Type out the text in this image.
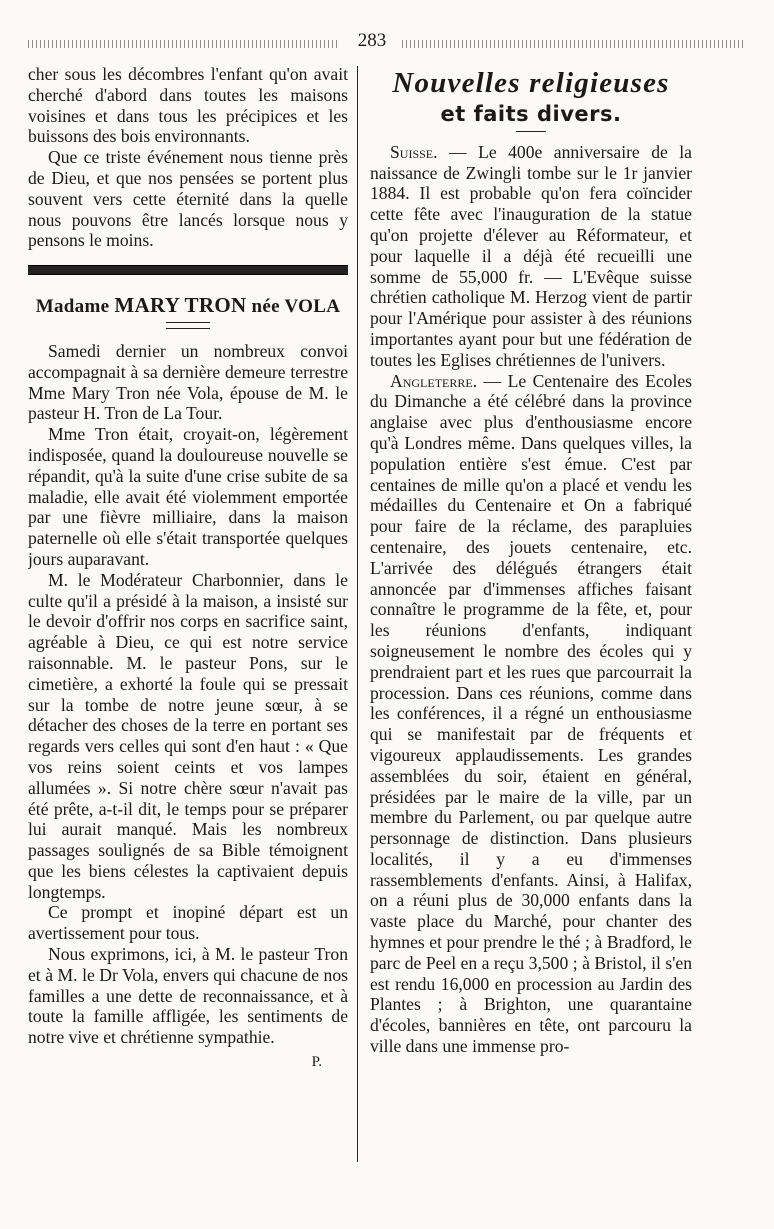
283

cher sous les décombres l'enfant qu'on avait cherché d'abord dans toutes les maisons voisines et dans tous les précipices et les buissons des bois environnants.

Que ce triste événement nous tienne près de Dieu, et que nos pensées se portent plus souvent vers cette éternité dans la quelle nous pouvons être lancés lorsque nous y pensons le moins.

Madame MARY TRON née VOLA

Samedi dernier un nombreux convoi accompagnait à sa dernière demeure terrestre Mme Mary Tron née Vola, épouse de M. le pasteur H. Tron de La Tour.

Mme Tron était, croyait-on, légèrement indisposée, quand la douloureuse nouvelle se répandit, qu'à la suite d'une crise subite de sa maladie, elle avait été violemment emportée par une fièvre milliaire, dans la maison paternelle où elle s'était transportée quelques jours auparavant.

M. le Modérateur Charbonnier, dans le culte qu'il a présidé à la maison, a insisté sur le devoir d'offrir nos corps en sacrifice saint, agréable à Dieu, ce qui est notre service raisonnable. M. le pasteur Pons, sur le cimetière, a exhorté la foule qui se pressait sur la tombe de notre jeune sœur, à se détacher des choses de la terre en portant ses regards vers celles qui sont d'en haut : « Que vos reins soient ceints et vos lampes allumées ». Si notre chère sœur n'avait pas été prête, a-t-il dit, le temps pour se préparer lui aurait manqué. Mais les nombreux passages soulignés de sa Bible témoignent que les biens célestes la captivaient depuis longtemps.

Ce prompt et inopiné départ est un avertissement pour tous.

Nous exprimons, ici, à M. le pasteur Tron et à M. le Dr Vola, envers qui chacune de nos familles a une dette de reconnaissance, et à toute la famille affligée, les sentiments de notre vive et chrétienne sympathie.

P.
Nouvelles religieuses
et faits divers.

Suisse. — Le 400e anniversaire de la naissance de Zwingli tombe sur le 1r janvier 1884. Il est probable qu'on fera coïncider cette fête avec l'inauguration de la statue qu'on projette d'élever au Réformateur, et pour laquelle il a déjà été recueilli une somme de 55,000 fr. — L'Evêque suisse chrétien catholique M. Herzog vient de partir pour l'Amérique pour assister à des réunions importantes ayant pour but une fédération de toutes les Eglises chrétiennes de l'univers.

Angleterre. — Le Centenaire des Ecoles du Dimanche a été célébré dans la province anglaise avec plus d'enthousiasme encore qu'à Londres même. Dans quelques villes, la population entière s'est émue. C'est par centaines de mille qu'on a placé et vendu les médailles du Centenaire et On a fabriqué pour faire de la réclame, des parapluies centenaire, des jouets centenaire, etc. L'arrivée des délégués étrangers était annoncée par d'immenses affiches faisant connaître le programme de la fête, et, pour les réunions d'enfants, indiquant soigneusement le nombre des écoles qui y prendraient part et les rues que parcourrait la procession. Dans ces réunions, comme dans les conférences, il a régné un enthousiasme qui se manifestait par de fréquents et vigoureux applaudissements. Les grandes assemblées du soir, étaient en général, présidées par le maire de la ville, par un membre du Parlement, ou par quelque autre personnage de distinction. Dans plusieurs localités, il y a eu d'immenses rassemblements d'enfants. Ainsi, à Halifax, on a réuni plus de 30,000 enfants dans la vaste place du Marché, pour chanter des hymnes et pour prendre le thé ; à Bradford, le parc de Peel en a reçu 3,500 ; à Bristol, il s'en est rendu 16,000 en procession au Jardin des Plantes ; à Brighton, une quarantaine d'écoles, bannières en tête, ont parcouru la ville dans une immense pro-
